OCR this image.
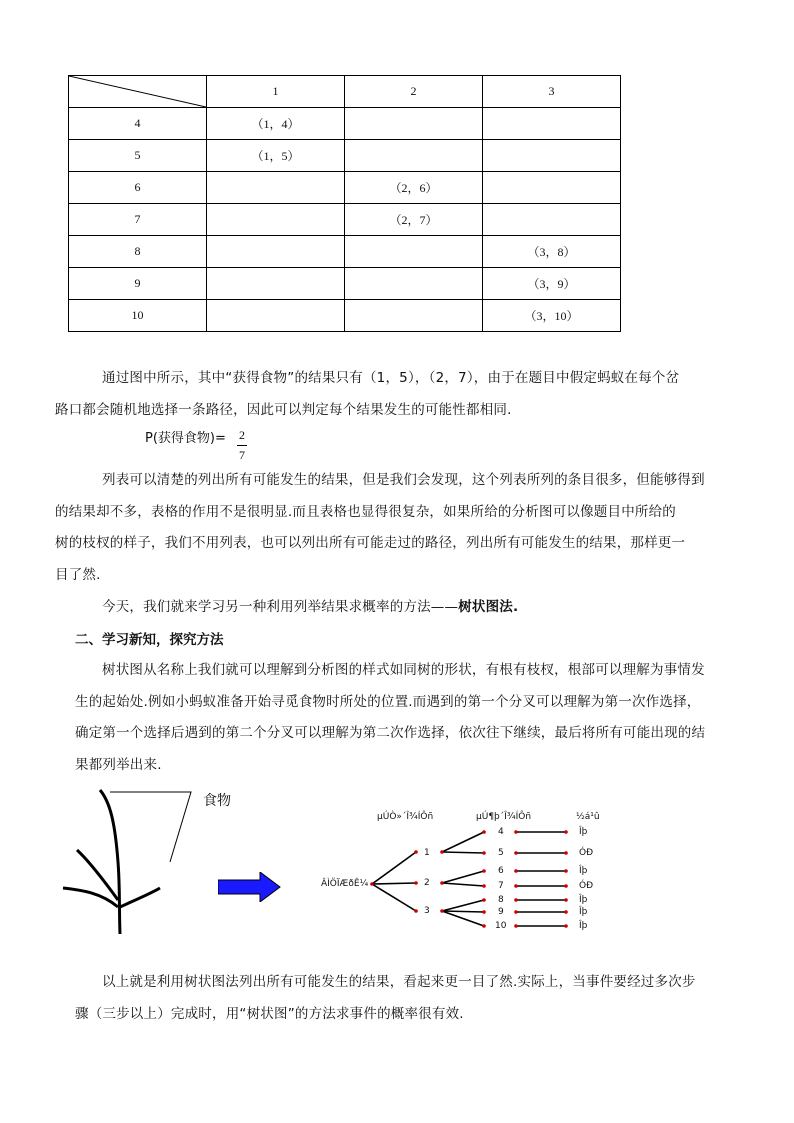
	1	2	3
4	（1，4）		
5	（1，5）		
6		（2，6）	
7		（2，7）	
8			（3，8）
9			（3，9）
10			（3，10）
通过图中所示，其中“获得食物”的结果只有（1，5），（2，7），由于在题目中假定蚂蚁在每个岔
路口都会随机地选择一条路径，因此可以判定每个结果发生的可能性都相同.
P(获得食物)= 2
7
列表可以清楚的列出所有可能发生的结果，但是我们会发现，这个列表所列的条目很多，但能够得到
的结果却不多，表格的作用不是很明显.而且表格也显得很复杂，如果所给的分析图可以像题目中所给的
树的枝杈的样子，我们不用列表，也可以列出所有可能走过的路径，列出所有可能发生的结果，那样更一
目了然.
今天，我们就来学习另一种利用列举结果求概率的方法——树状图法.
二、学习新知，探究方法
树状图从名称上我们就可以理解到分析图的样式如同树的形状，有根有枝杈，根部可以理解为事情发
生的起始处.例如小蚂蚁准备开始寻觅食物时所处的位置.而遇到的第一个分叉可以理解为第一次作选择，
确定第一个选择后遇到的第二个分叉可以理解为第二次作选择，依次往下继续，最后将所有可能出现的结
果都列举出来.
食物
µÚÒ»´Î¾ÍÔñ	µÚ¶þ´Î¾ÍÔñ	½á¹û
ÂÌÖÏÆðÊ¼
1
2
3
4
5
6
7
8
9
10
Îþ
ÓÐ
Îþ
ÓÐ
Îþ
Îþ
Îþ
以上就是利用树状图法列出所有可能发生的结果，看起来更一目了然.实际上，当事件要经过多次步
骤（三步以上）完成时，用“树状图”的方法求事件的概率很有效.
